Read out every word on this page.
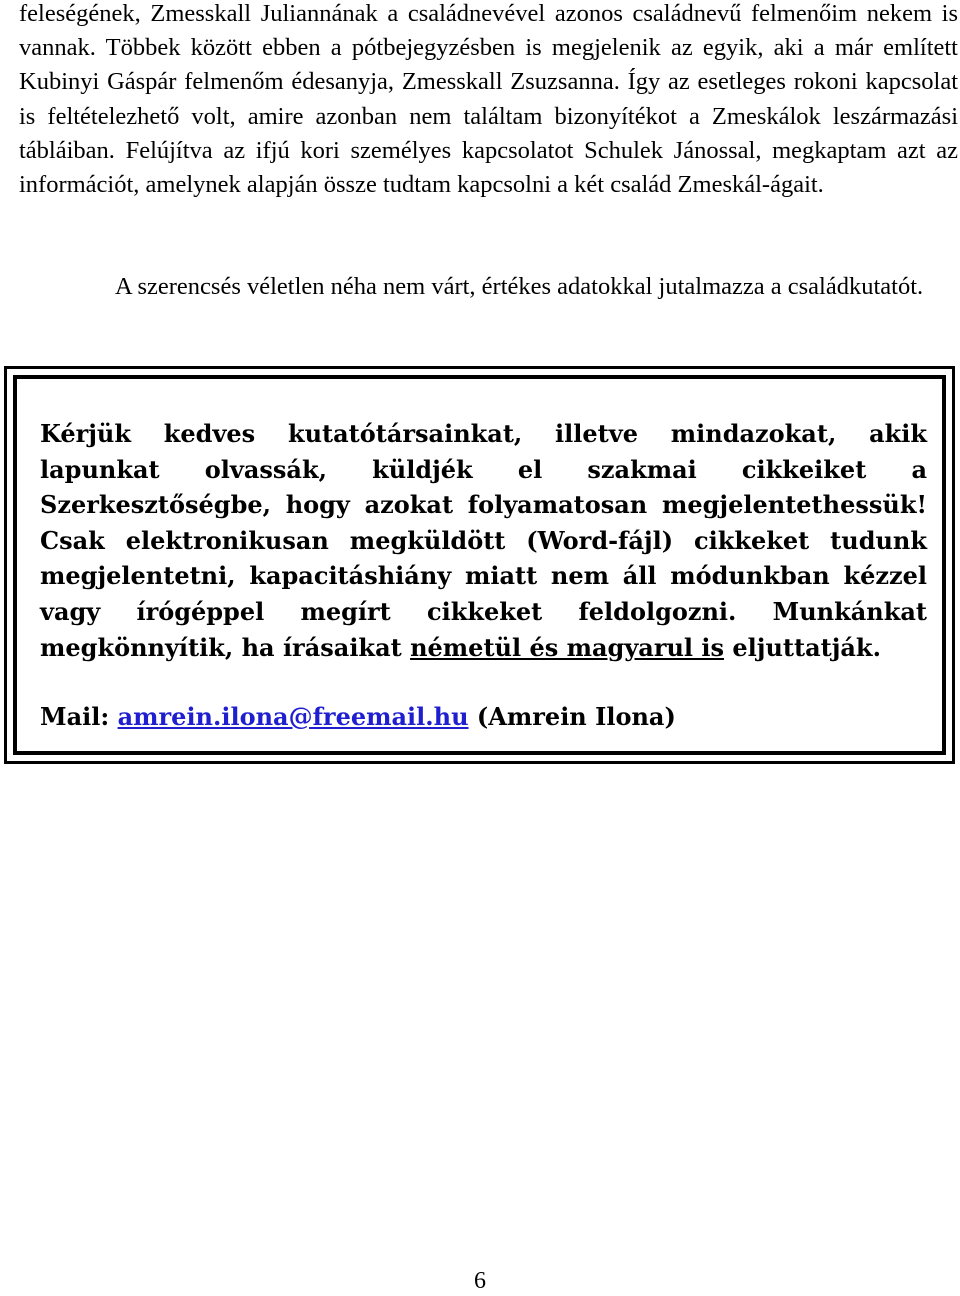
feleségének, Zmesskall Juliannának a családnevével azonos családnevű felmenőim nekem is vannak. Többek között ebben a pótbejegyzésben is megjelenik az egyik, aki a már említett Kubinyi Gáspár felmenőm édesanyja, Zmesskall Zsuzsanna. Így az esetleges rokoni kapcsolat is feltételezhető volt, amire azonban nem találtam bizonyítékot a Zmeskálok leszármazási tábláiban. Felújítva az ifjú kori személyes kapcsolatot Schulek Jánossal, megkaptam azt az információt, amelynek alapján össze tudtam kapcsolni a két család Zmeskál-ágait.

A szerencsés véletlen néha nem várt, értékes adatokkal jutalmazza a családkutatót.

Kérjük kedves kutatótársainkat, illetve mindazokat, akik lapunkat olvassák, küldjék el szakmai cikkeiket a Szerkesztőségbe, hogy azokat folyamatosan megjelentethessük! Csak elektronikusan megküldött (Word-fájl) cikkeket tudunk megjelentetni, kapacitáshiány miatt nem áll módunkban kézzel vagy írógéppel megírt cikkeket feldolgozni. Munkánkat megkönnyítik, ha írásaikat németül és magyarul is eljuttatják.

Mail: amrein.ilona@freemail.hu (Amrein Ilona)

6
